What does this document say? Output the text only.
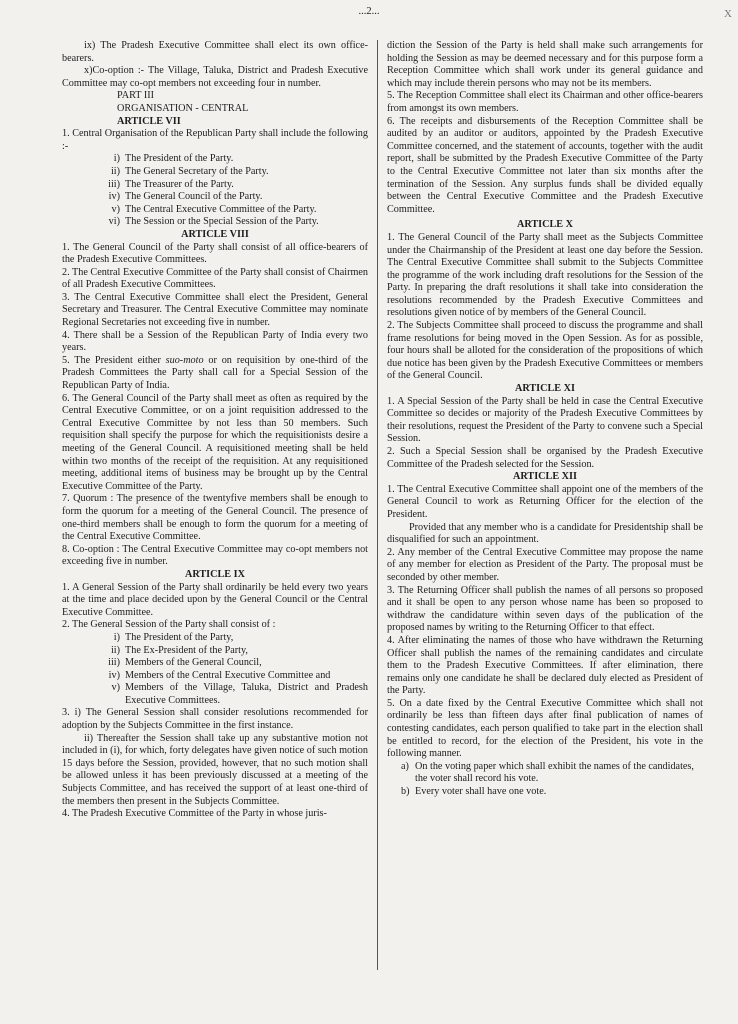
...2...	X

ix) The Pradesh Executive Committee shall elect its own office-bearers.

x)Co-option :- The Village, Taluka, District and Pradesh Executive Committee may co-opt members not exceeding four in number.

PART III

ORGANISATION - CENTRAL

ARTICLE VII

1. Central Organisation of the Republican Party shall include the following :-

i) The President of the Party.
ii) The General Secretary of the Party.
iii) The Treasurer of the Party.
iv) The General Council of the Party.
v) The Central Executive Committee of the Party.
vi) The Session or the Special Session of the Party.

ARTICLE VIII

1. The General Council of the Party shall consist of all office-bearers of the Pradesh Executive Committees.

2. The Central Executive Committee of the Party shall consist of Chairmen of all Pradesh Executive Committees.

3. The Central Executive Committee shall elect the President, General Secretary and Treasurer. The Central Executive Committee may nominate Regional Secretaries not exceeding five in number.

4. There shall be a Session of the Republican Party of India every two years.

5. The President either suo-moto or on requisition by one-third of the Pradesh Committees the Party shall call for a Special Session of the Republican Party of India.

6. The General Council of the Party shall meet as often as required by the Central Executive Committee, or on a joint requisition addressed to the Central Executive Committee by not less than 50 members. Such requisition shall specify the purpose for which the requisitionists desire a meeting of the General Council. A requisitioned meeting shall be held within two months of the receipt of the requisition. At any requisitioned meeting, additional items of business may be brought up by the Central Executive Committee of the Party.

7. Quorum : The presence of the twentyfive members shall be enough to form the quorum for a meeting of the General Council. The presence of one-third members shall be enough to form the quorum for a meeting of the Central Executive Committee.

8. Co-option : The Central Executive Committee may co-opt members not exceeding five in number.

ARTICLE IX

1. A General Session of the Party shall ordinarily be held every two years at the time and place decided upon by the General Council or the Central Executive Committee.

2. The General Session of the Party shall consist of :

i) The President of the Party,
ii) The Ex-President of the Party,
iii) Members of the General Council,
iv) Members of the Central Executive Committee and
v) Members of the Village, Taluka, District and Pradesh Executive Committees.

3. i) The General Session shall consider resolutions recommended for adoption by the Subjects Committee in the first instance.

ii) Thereafter the Session shall take up any substantive motion not included in (i), for which, forty delegates have given notice of such motion 15 days before the Session, provided, however, that no such motion shall be allowed unless it has been previously discussed at a meeting of the Subjects Committee, and has received the support of at least one-third of the members then present in the Subjects Committee.

4. The Pradesh Executive Committee of the Party in whose juris-

diction the Session of the Party is held shall make such arrangements for holding the Session as may be deemed necessary and for this purpose form a Reception Committee which shall work under its general guidance and which may include therein persons who may not be its members.

5. The Reception Committee shall elect its Chairman and other office-bearers from amongst its own members.

6. The receipts and disbursements of the Reception Committee shall be audited by an auditor or auditors, appointed by the Pradesh Executive Committee concerned, and the statement of accounts, together with the audit report, shall be submitted by the Pradesh Executive Committee of the Party to the Central Executive Committee not later than six months after the termination of the Session. Any surplus funds shall be divided equally between the Central Executive Committee and the Pradesh Executive Committee.

ARTICLE X

1. The General Council of the Party shall meet as the Subjects Committee under the Chairmanship of the President at least one day before the Session. The Central Executive Committee shall submit to the Subjects Committee the programme of the work including draft resolutions for the Session of the Party. In preparing the draft resolutions it shall take into consideration the resolutions recommended by the Pradesh Executive Committees and resolutions given notice of by members of the General Council.

2. The Subjects Committee shall proceed to discuss the programme and shall frame resolutions for being moved in the Open Session. As for as possible, four hours shall be alloted for the consideration of the propositions of which due notice has been given by the Pradesh Executive Committees or members of the General Council.

ARTICLE XI

1. A Special Session of the Party shall be held in case the Central Executive Committee so decides or majority of the Pradesh Executive Committees by their resolutions, request the President of the Party to convene such a Special Session.

2. Such a Special Session shall be organised by the Pradesh Executive Committee of the Pradesh selected for the Session.

ARTICLE XII

1. The Central Executive Committee shall appoint one of the members of the General Council to work as Returning Officer for the election of the President.

Provided that any member who is a candidate for Presidentship shall be disqualified for such an appointment.

2. Any member of the Central Executive Committee may propose the name of any member for election as President of the Party. The proposal must be seconded by other member.

3. The Returning Officer shall publish the names of all persons so proposed and it shall be open to any person whose name has been so proposed to withdraw the candidature within seven days of the publication of the proposed names by writing to the Returning Officer to that effect.

4. After eliminating the names of those who have withdrawn the Returning Officer shall publish the names of the remaining candidates and circulate them to the Pradesh Executive Committees. If after elimination, there remains only one candidate he shall be declared duly elected as President of the Party.

5. On a date fixed by the Central Executive Committee which shall not ordinarily be less than fifteen days after final publication of names of contesting candidates, each person qualified to take part in the election shall be entitled to record, for the election of the President, his vote in the following manner.

a) On the voting paper which shall exhibit the names of the candidates, the voter shall record his vote.
b) Every voter shall have one vote.
